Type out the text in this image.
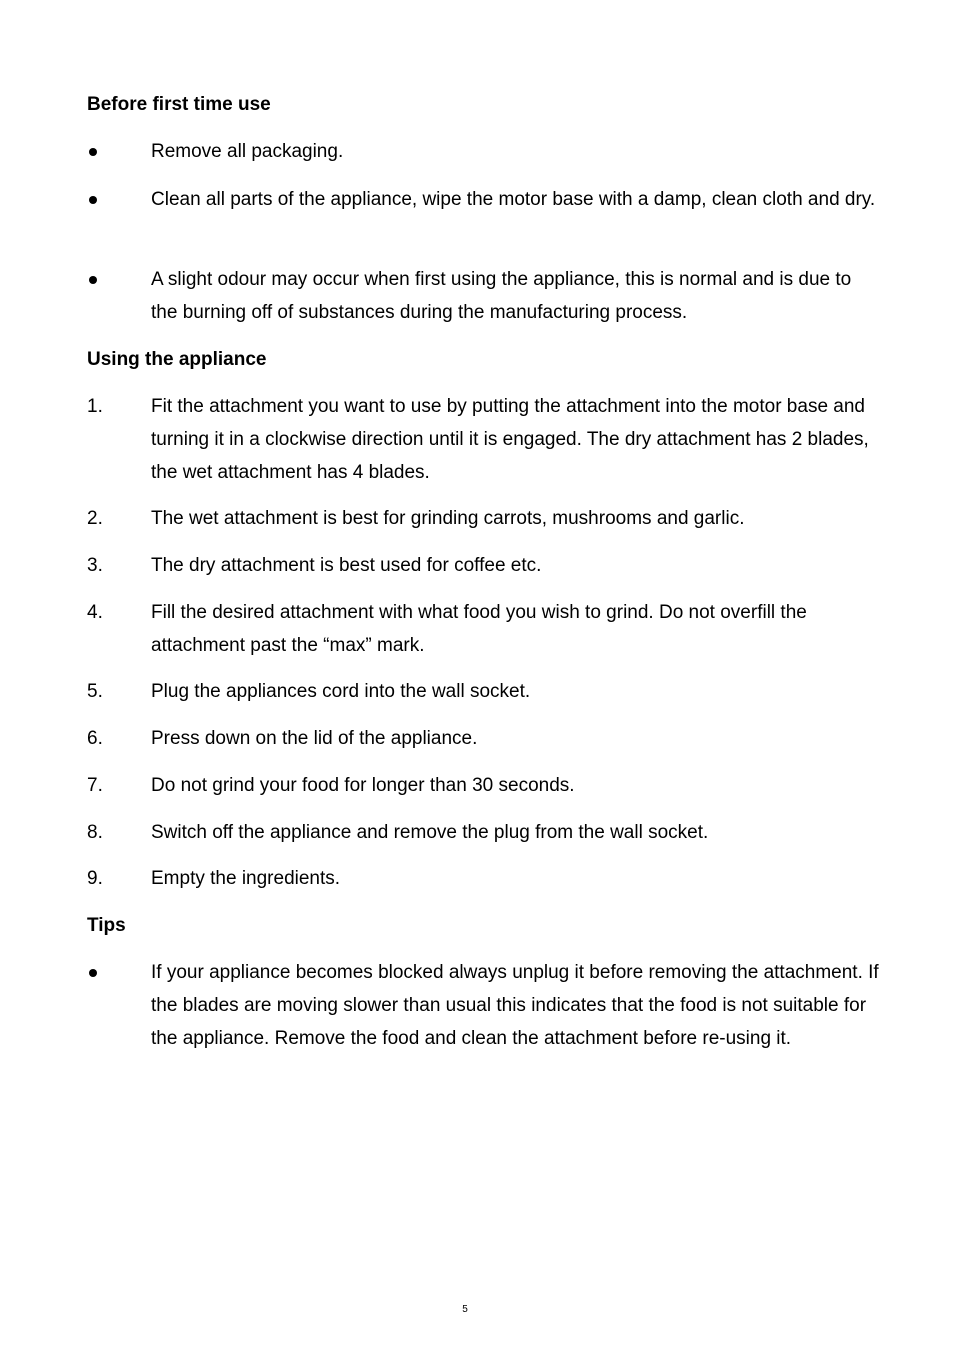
Before first time use
Remove all packaging.
Clean all parts of the appliance, wipe the motor base with a damp, clean cloth and dry.
A slight odour may occur when first using the appliance, this is normal and is due to the burning off of substances during the manufacturing process.
Using the appliance
1.	Fit the attachment you want to use by putting the attachment into the motor base and turning it in a clockwise direction until it is engaged. The dry attachment has 2 blades, the wet attachment has 4 blades.
2.	The wet attachment is best for grinding carrots, mushrooms and garlic.
3.	The dry attachment is best used for coffee etc.
4.	Fill the desired attachment with what food you wish to grind. Do not overfill the attachment past the “max” mark.
5.	Plug the appliances cord into the wall socket.
6.	Press down on the lid of the appliance.
7.	Do not grind your food for longer than 30 seconds.
8.	Switch off the appliance and remove the plug from the wall socket.
9.	Empty the ingredients.
Tips
If your appliance becomes blocked always unplug it before removing the attachment. If the blades are moving slower than usual this indicates that the food is not suitable for the appliance. Remove the food and clean the attachment before re-using it.
5
